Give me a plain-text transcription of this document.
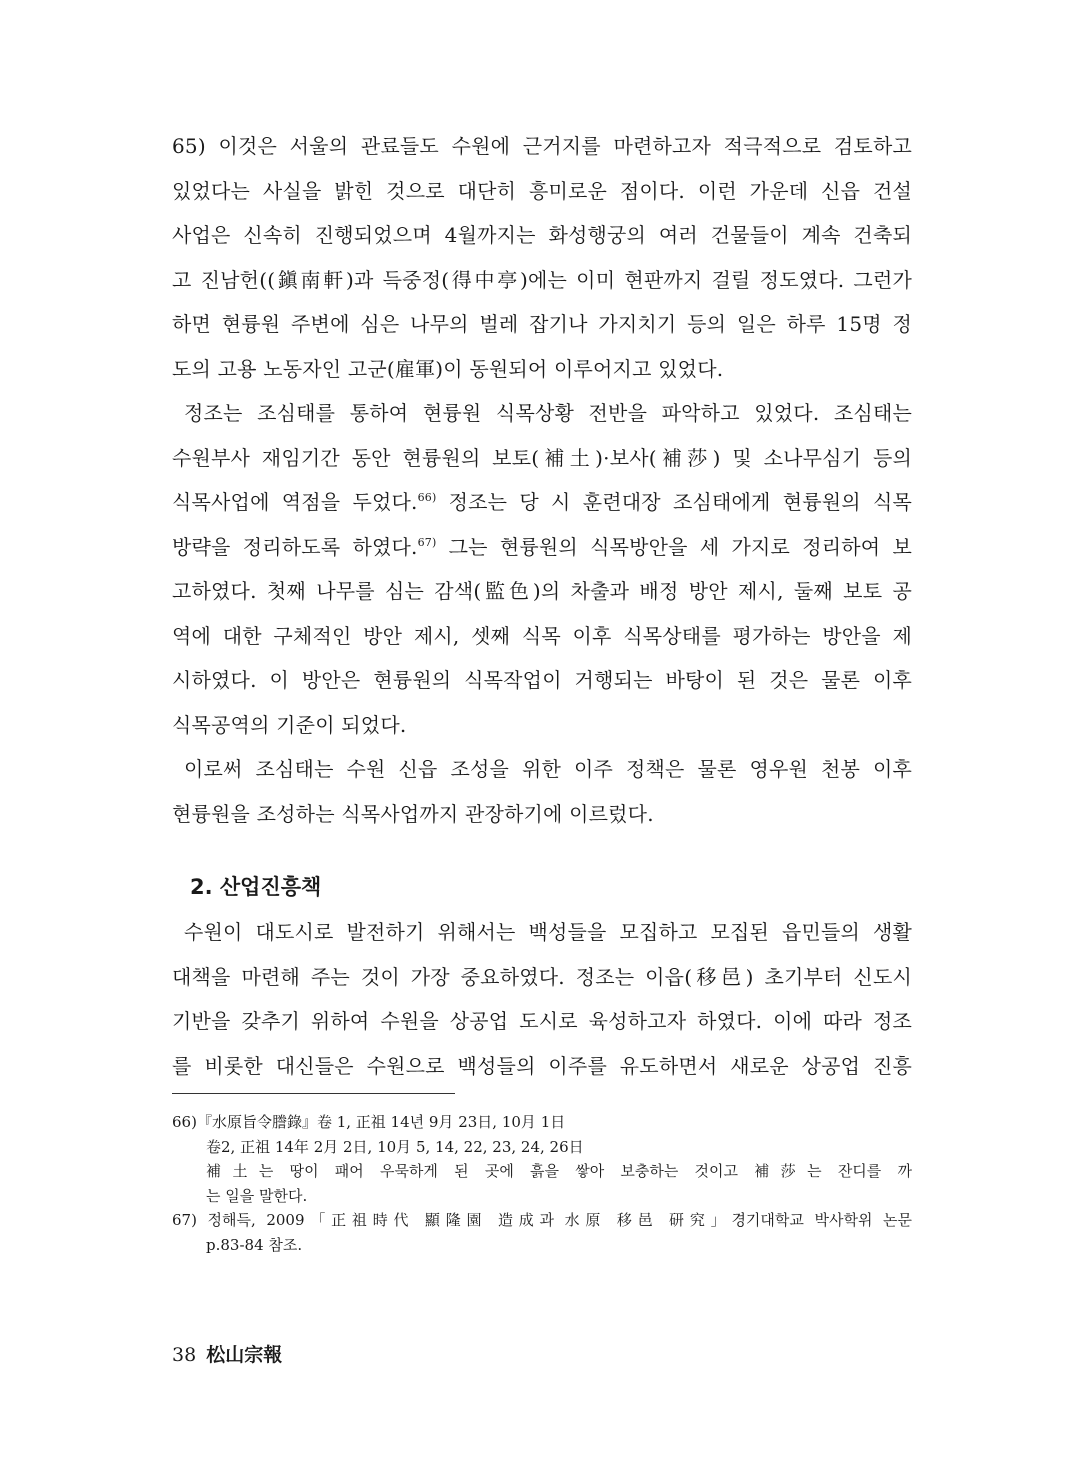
65) 이것은 서울의 관료들도 수원에 근거지를 마련하고자 적극적으로 검토하고
있었다는 사실을 밝힌 것으로 대단히 흥미로운 점이다. 이런 가운데 신읍 건설
사업은 신속히 진행되었으며 4월까지는 화성행궁의 여러 건물들이 계속 건축되
고 진남헌((鎭南軒)과 득중정(得中亭)에는 이미 현판까지 걸릴 정도였다. 그런가
하면 현륭원 주변에 심은 나무의 벌레 잡기나 가지치기 등의 일은 하루 15명 정
도의 고용 노동자인 고군(雇軍)이 동원되어 이루어지고 있었다.
정조는 조심태를 통하여 현륭원 식목상황 전반을 파악하고 있었다. 조심태는
수원부사 재임기간 동안 현륭원의 보토(補土)·보사(補莎) 및 소나무심기 등의
식목사업에 역점을 두었다.$^{66)}$ 정조는 당 시 훈련대장 조심태에게 현륭원의 식목
방략을 정리하도록 하였다.$^{67)}$ 그는 현륭원의 식목방안을 세 가지로 정리하여 보
고하였다. 첫째 나무를 심는 감색(監色)의 차출과 배정 방안 제시, 둘째 보토 공
역에 대한 구체적인 방안 제시, 셋째 식목 이후 식목상태를 평가하는 방안을 제
시하였다. 이 방안은 현륭원의 식목작업이 거행되는 바탕이 된 것은 물론 이후
식목공역의 기준이 되었다.
이로써 조심태는 수원 신읍 조성을 위한 이주 정책은 물론 영우원 천봉 이후
현륭원을 조성하는 식목사업까지 관장하기에 이르렀다.
2. 산업진흥책
수원이 대도시로 발전하기 위해서는 백성들을 모집하고 모집된 읍민들의 생활
대책을 마련해 주는 것이 가장 중요하였다. 정조는 이읍(移邑) 초기부터 신도시
기반을 갖추기 위하여 수원을 상공업 도시로 육성하고자 하였다. 이에 따라 정조
를 비롯한 대신들은 수원으로 백성들의 이주를 유도하면서 새로운 상공업 진흥
66)『水原旨令謄錄』卷 1, 正祖 14년 9月 23日, 10月 1日
卷2, 正祖 14年 2月 2日, 10月 5, 14, 22, 23, 24, 26日
補土는 땅이 패어 우묵하게 된 곳에 흙을 쌓아 보충하는 것이고 補莎는 잔디를 까
는 일을 말한다.
67) 정해득, 2009「正祖時代 顯隆園 造成과 水原 移邑 研究」경기대학교 박사학위 논문
p.83-84 참조.
38 松山宗報
